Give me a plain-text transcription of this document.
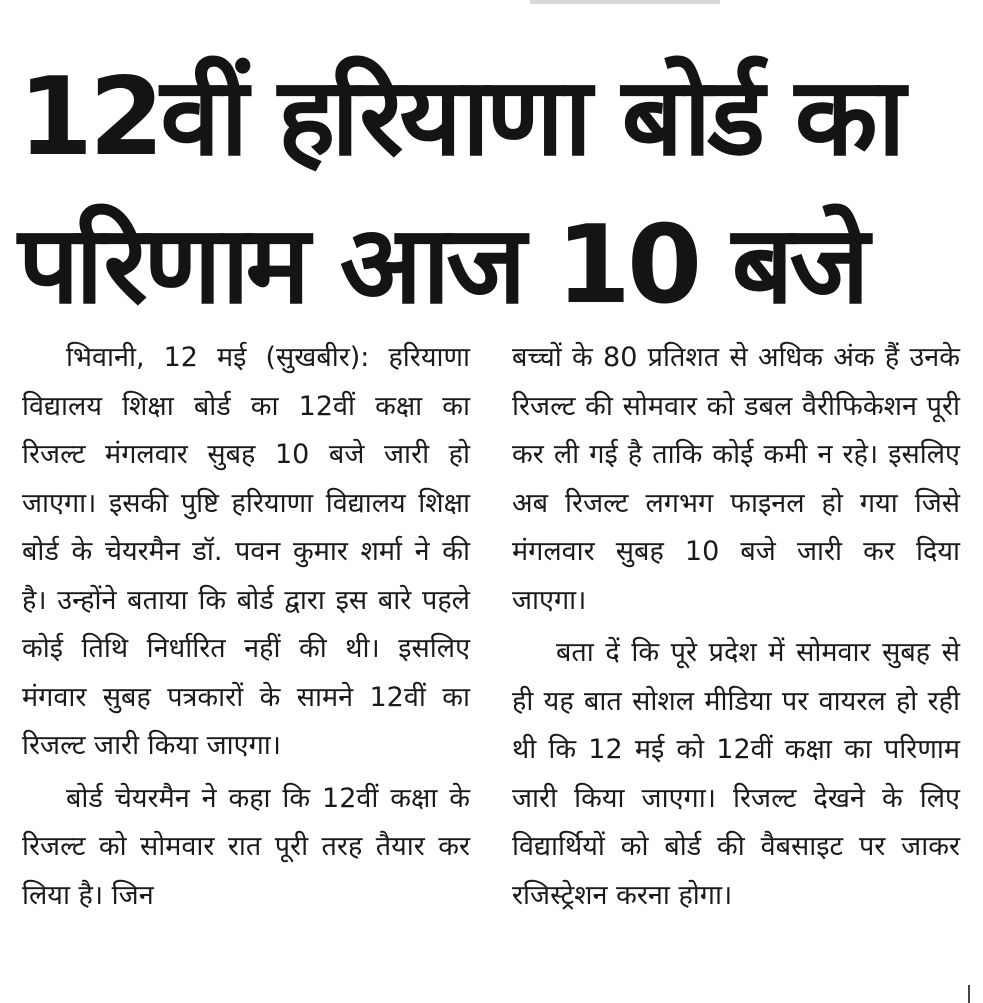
12वीं हरियाणा बोर्ड का
परिणाम आज 10 बजे

भिवानी, 12 मई (सुखबीर): हरियाणा विद्यालय शिक्षा बोर्ड का 12वीं कक्षा का रिजल्ट मंगलवार सुबह 10 बजे जारी हो जाएगा। इसकी पुष्टि हरियाणा विद्यालय शिक्षा बोर्ड के चेयरमैन डॉ. पवन कुमार शर्मा ने की है। उन्होंने बताया कि बोर्ड द्वारा इस बारे पहले कोई तिथि निर्धारित नहीं की थी। इसलिए मंगवार सुबह पत्रकारों के सामने 12वीं का रिजल्ट जारी किया जाएगा।

बोर्ड चेयरमैन ने कहा कि 12वीं कक्षा के रिजल्ट को सोमवार रात पूरी तरह तैयार कर लिया है। जिन

बच्चों के 80 प्रतिशत से अधिक अंक हैं उनके रिजल्ट की सोमवार को डबल वैरीफिकेशन पूरी कर ली गई है ताकि कोई कमी न रहे। इसलिए अब रिजल्ट लगभग फाइनल हो गया जिसे मंगलवार सुबह 10 बजे जारी कर दिया जाएगा।

बता दें कि पूरे प्रदेश में सोमवार सुबह से ही यह बात सोशल मीडिया पर वायरल हो रही थी कि 12 मई को 12वीं कक्षा का परिणाम जारी किया जाएगा। रिजल्ट देखने के लिए विद्यार्थियों को बोर्ड की वैबसाइट पर जाकर रजिस्ट्रेशन करना होगा।
